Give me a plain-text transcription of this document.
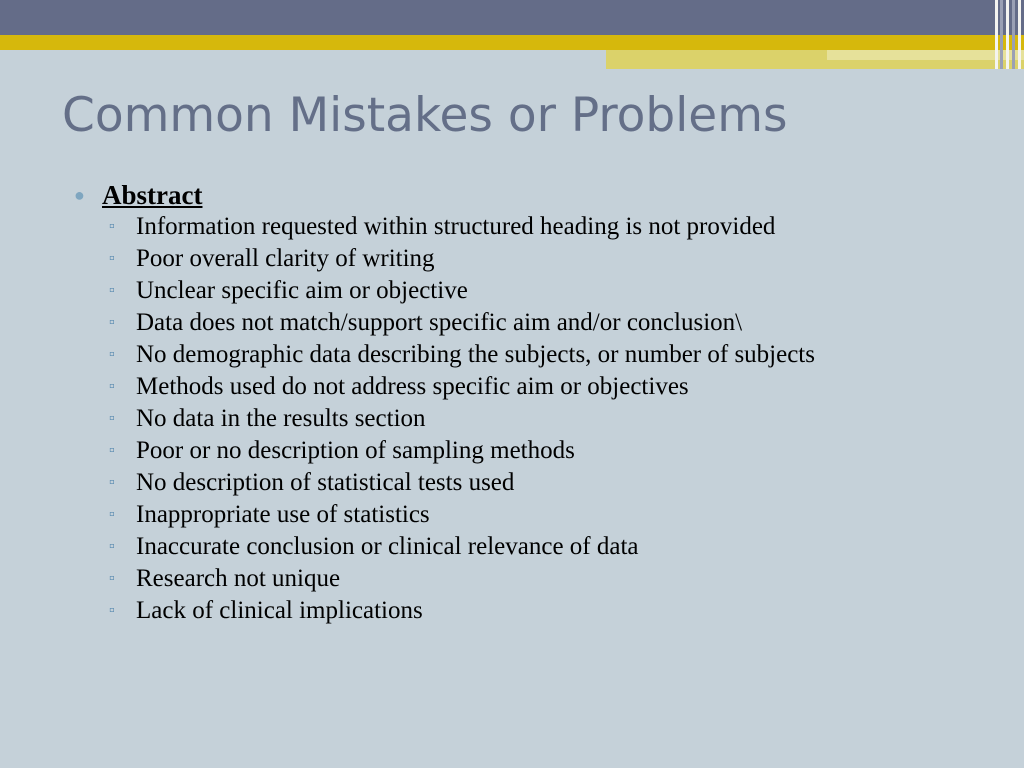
Common Mistakes or Problems
● Abstract
▫ Information requested within structured heading is not provided
▫ Poor overall clarity of writing
▫ Unclear specific aim or objective
▫ Data does not match/support specific aim and/or conclusion\
▫ No demographic data describing the subjects, or number of subjects
▫ Methods used do not address specific aim or objectives
▫ No data in the results section
▫ Poor or no description of sampling methods
▫ No description of statistical tests used
▫ Inappropriate use of statistics
▫ Inaccurate conclusion or clinical relevance of data
▫ Research not unique
▫ Lack of clinical implications
